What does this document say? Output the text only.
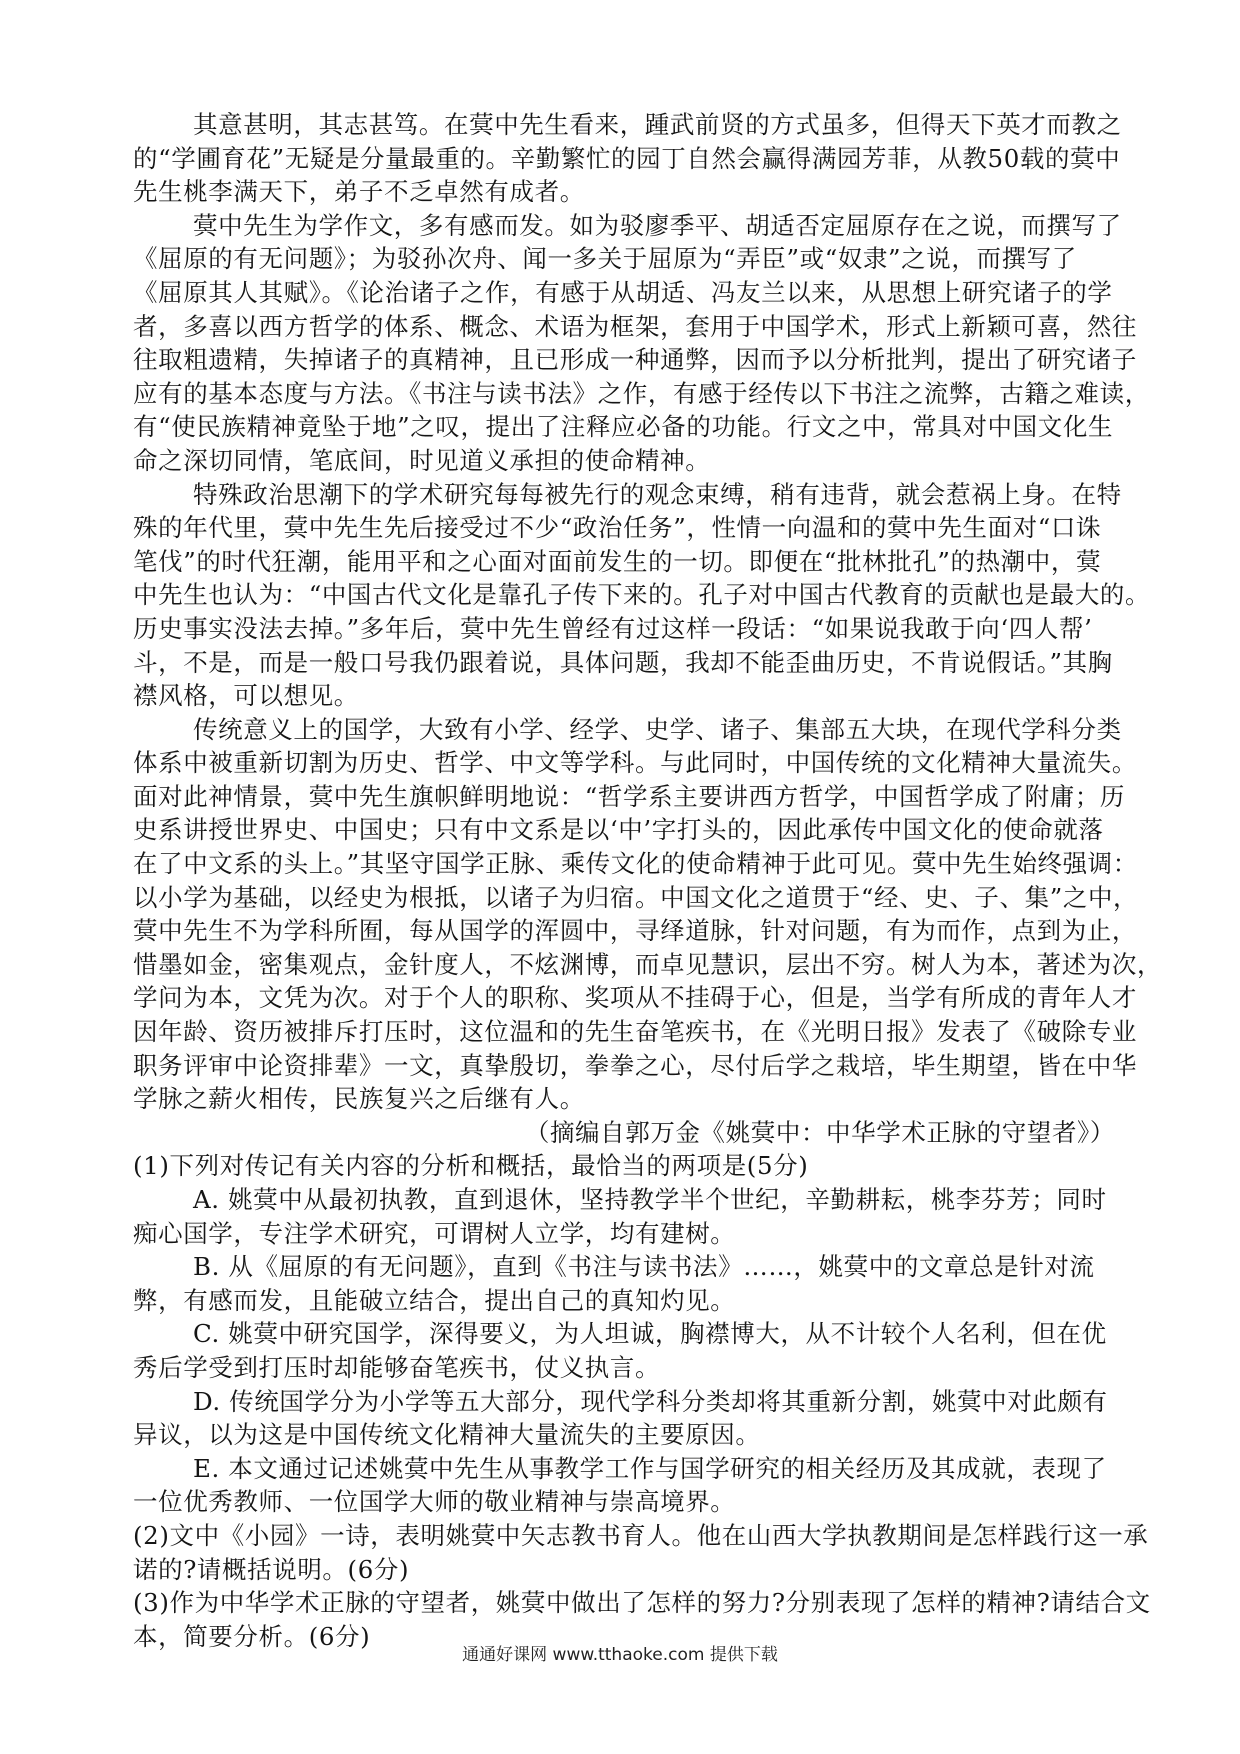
其意甚明，其志甚笃。在蓂中先生看来，踵武前贤的方式虽多，但得天下英才而教之
的“学圃育花”无疑是分量最重的。辛勤繁忙的园丁自然会赢得满园芳菲，从教50载的蓂中
先生桃李满天下，弟子不乏卓然有成者。
蓂中先生为学作文，多有感而发。如为驳廖季平、胡适否定屈原存在之说，而撰写了
《屈原的有无问题》；为驳孙次舟、闻一多关于屈原为“弄臣”或“奴隶”之说，而撰写了
《屈原其人其赋》。《论治诸子之作，有感于从胡适、冯友兰以来，从思想上研究诸子的学
者，多喜以西方哲学的体系、概念、术语为框架，套用于中国学术，形式上新颖可喜，然往
往取粗遗精，失掉诸子的真精神，且已形成一种通弊，因而予以分析批判，提出了研究诸子
应有的基本态度与方法。《书注与读书法》之作，有感于经传以下书注之流弊，古籍之难读，
有“使民族精神竟坠于地”之叹，提出了注释应必备的功能。行文之中，常具对中国文化生
命之深切同情，笔底间，时见道义承担的使命精神。
特殊政治思潮下的学术研究每每被先行的观念束缚，稍有违背，就会惹祸上身。在特
殊的年代里，蓂中先生先后接受过不少“政治任务”，性情一向温和的蓂中先生面对“口诛
笔伐”的时代狂潮，能用平和之心面对面前发生的一切。即便在“批林批孔”的热潮中，蓂
中先生也认为：“中国古代文化是靠孔子传下来的。孔子对中国古代教育的贡献也是最大的。
历史事实没法去掉。”多年后，蓂中先生曾经有过这样一段话：“如果说我敢于向‘四人帮’
斗，不是，而是一般口号我仍跟着说，具体问题，我却不能歪曲历史，不肯说假话。”其胸
襟风格，可以想见。
传统意义上的国学，大致有小学、经学、史学、诸子、集部五大块，在现代学科分类
体系中被重新切割为历史、哲学、中文等学科。与此同时，中国传统的文化精神大量流失。
面对此神情景，蓂中先生旗帜鲜明地说：“哲学系主要讲西方哲学，中国哲学成了附庸；历
史系讲授世界史、中国史；只有中文系是以‘中’字打头的，因此承传中国文化的使命就落
在了中文系的头上。”其坚守国学正脉、乘传文化的使命精神于此可见。蓂中先生始终强调：
以小学为基础，以经史为根抵，以诸子为归宿。中国文化之道贯于“经、史、子、集”之中，
蓂中先生不为学科所囿，每从国学的浑圆中，寻绎道脉，针对问题，有为而作，点到为止，
惜墨如金，密集观点，金针度人，不炫渊博，而卓见慧识，层出不穷。树人为本，著述为次，
学问为本，文凭为次。对于个人的职称、奖项从不挂碍于心，但是，当学有所成的青年人才
因年龄、资历被排斥打压时，这位温和的先生奋笔疾书，在《光明日报》发表了《破除专业
职务评审中论资排辈》一文，真挚殷切，拳拳之心，尽付后学之栽培，毕生期望，皆在中华
学脉之薪火相传，民族复兴之后继有人。
（摘编自郭万金《姚蓂中：中华学术正脉的守望者》）
(1)下列对传记有关内容的分析和概括，最恰当的两项是(5分)
A. 姚蓂中从最初执教，直到退休，坚持教学半个世纪，辛勤耕耘，桃李芬芳；同时
痴心国学，专注学术研究，可谓树人立学，均有建树。
B. 从《屈原的有无问题》，直到《书注与读书法》……，姚蓂中的文章总是针对流
弊，有感而发，且能破立结合，提出自己的真知灼见。
C. 姚蓂中研究国学，深得要义，为人坦诚，胸襟博大，从不计较个人名利，但在优
秀后学受到打压时却能够奋笔疾书，仗义执言。
D. 传统国学分为小学等五大部分，现代学科分类却将其重新分割，姚蓂中对此颇有
异议，以为这是中国传统文化精神大量流失的主要原因。
E. 本文通过记述姚蓂中先生从事教学工作与国学研究的相关经历及其成就，表现了
一位优秀教师、一位国学大师的敬业精神与崇高境界。
(2)文中《小园》一诗，表明姚蓂中矢志教书育人。他在山西大学执教期间是怎样践行这一承
诺的?请概括说明。(6分)
(3)作为中华学术正脉的守望者，姚蓂中做出了怎样的努力?分别表现了怎样的精神?请结合文
本，简要分析。(6分)
通通好课网 www.tthaoke.com 提供下载
